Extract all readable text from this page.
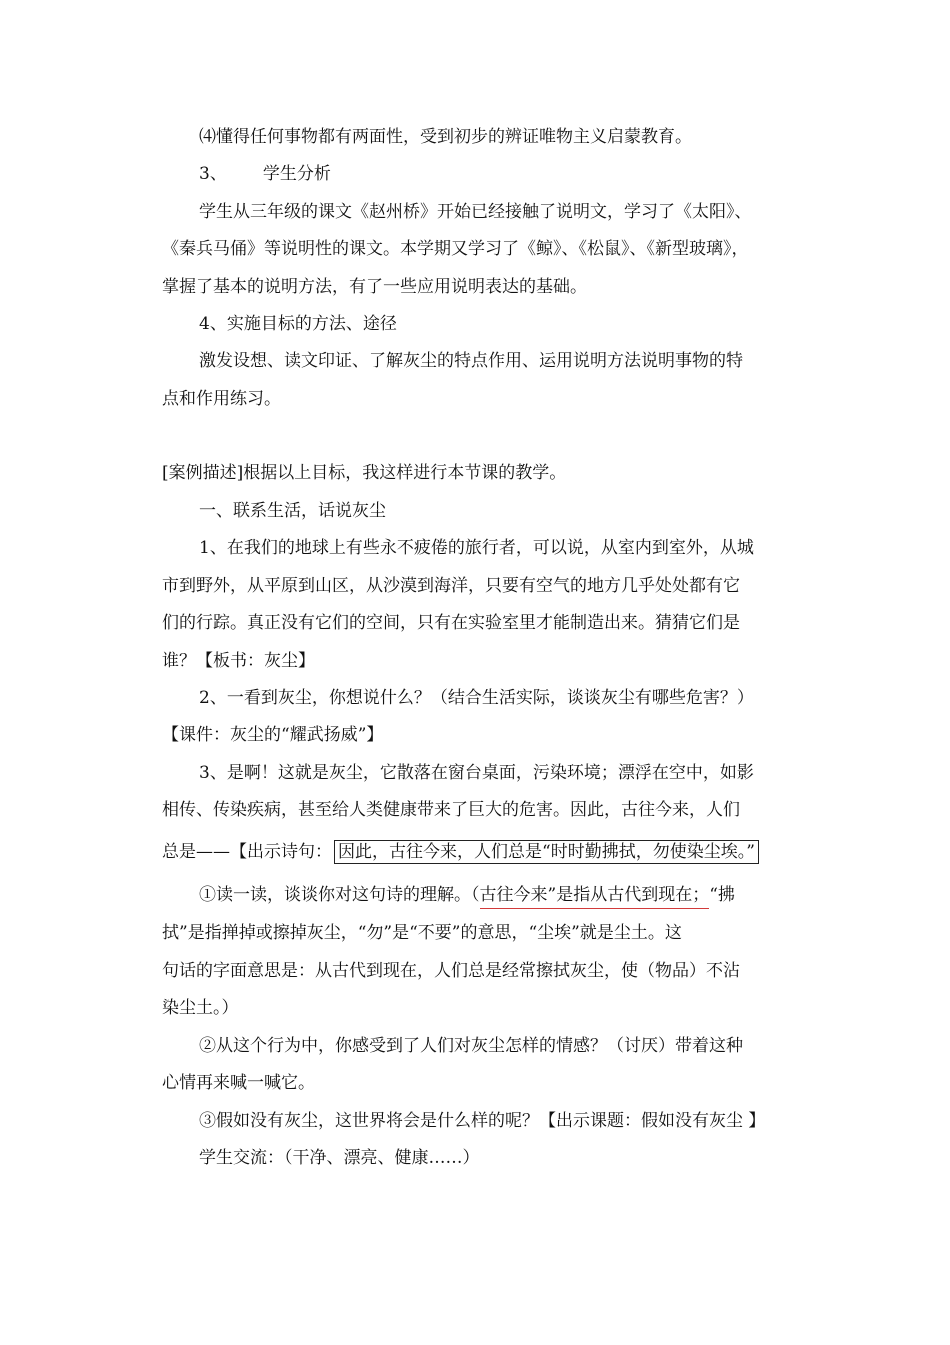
⑷懂得任何事物都有两面性，受到初步的辨证唯物主义启蒙教育。
3、 学生分析
学生从三年级的课文《赵州桥》开始已经接触了说明文，学习了《太阳》、
《秦兵马俑》等说明性的课文。本学期又学习了《鲸》、《松鼠》、《新型玻璃》，
掌握了基本的说明方法，有了一些应用说明表达的基础。
4、实施目标的方法、途径
激发设想、读文印证、了解灰尘的特点作用、运用说明方法说明事物的特
点和作用练习。
[案例描述]根据以上目标，我这样进行本节课的教学。
一、联系生活，话说灰尘
1、在我们的地球上有些永不疲倦的旅行者，可以说，从室内到室外，从城
市到野外，从平原到山区，从沙漠到海洋，只要有空气的地方几乎处处都有它
们的行踪。真正没有它们的空间，只有在实验室里才能制造出来。猜猜它们是
谁？【板书：灰尘】
2、一看到灰尘，你想说什么？（结合生活实际，谈谈灰尘有哪些危害？）
【课件：灰尘的“耀武扬威”】
3、是啊！这就是灰尘，它散落在窗台桌面，污染环境；漂浮在空中，如影
相传、传染疾病，甚至给人类健康带来了巨大的危害。因此，古往今来，人们
总是——【出示诗句： 因此，古往今来，人们总是“时时勤拂拭，勿使染尘埃。”
①读一读，谈谈你对这句诗的理解。（古往今来”是指从古代到现在；“拂
拭”是指掸掉或擦掉灰尘，“勿”是“不要”的意思，“尘埃”就是尘土。这
句话的字面意思是：从古代到现在，人们总是经常擦拭灰尘，使（物品）不沾
染尘土。）
②从这个行为中，你感受到了人们对灰尘怎样的情感？（讨厌）带着这种
心情再来喊一喊它。
③假如没有灰尘，这世界将会是什么样的呢？【出示课题：假如没有灰尘 】
学生交流：（干净、漂亮、健康……）
